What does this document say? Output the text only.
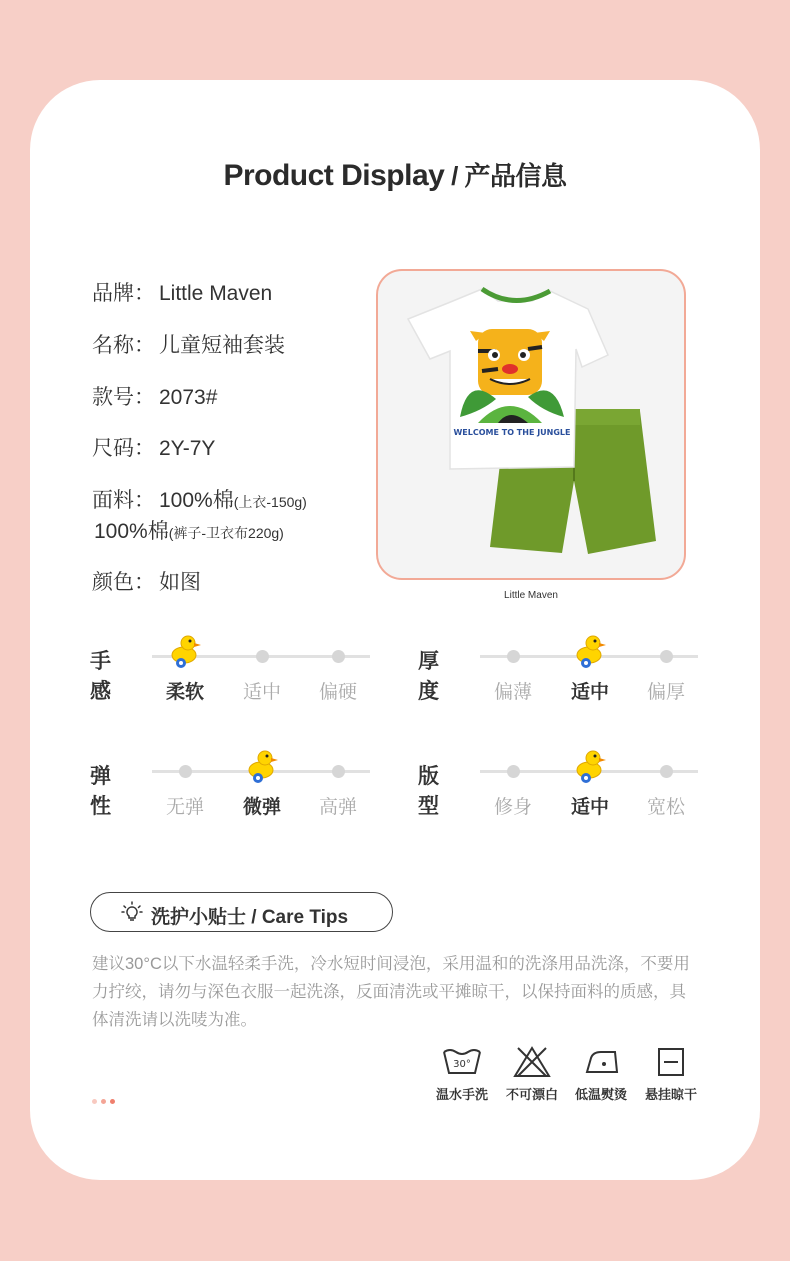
Product Display / 产品信息
品牌： Little Maven
名称： 儿童短袖套装
款号： 2073#
尺码： 2Y-7Y
面料： 100%棉(上衣-150g)
100%棉(裤子-卫衣布220g)
颜色： 如图
WELCOME TO THE JUNGLE
Little Maven
手感	柔软	适中	偏硬
厚度	偏薄	适中	偏厚
弹性	无弹	微弹	高弹
版型	修身	适中	宽松
洗护小贴士 / Care Tips
建议30°C以下水温轻柔手洗，冷水短时间浸泡，采用温和的洗涤用品洗涤，不要用力拧绞，请勿与深色衣服一起洗涤，反面清洗或平摊晾干，以保持面料的质感，具体清洗请以洗唛为准。
30°
温水手洗	不可漂白	低温熨烫	悬挂晾干
